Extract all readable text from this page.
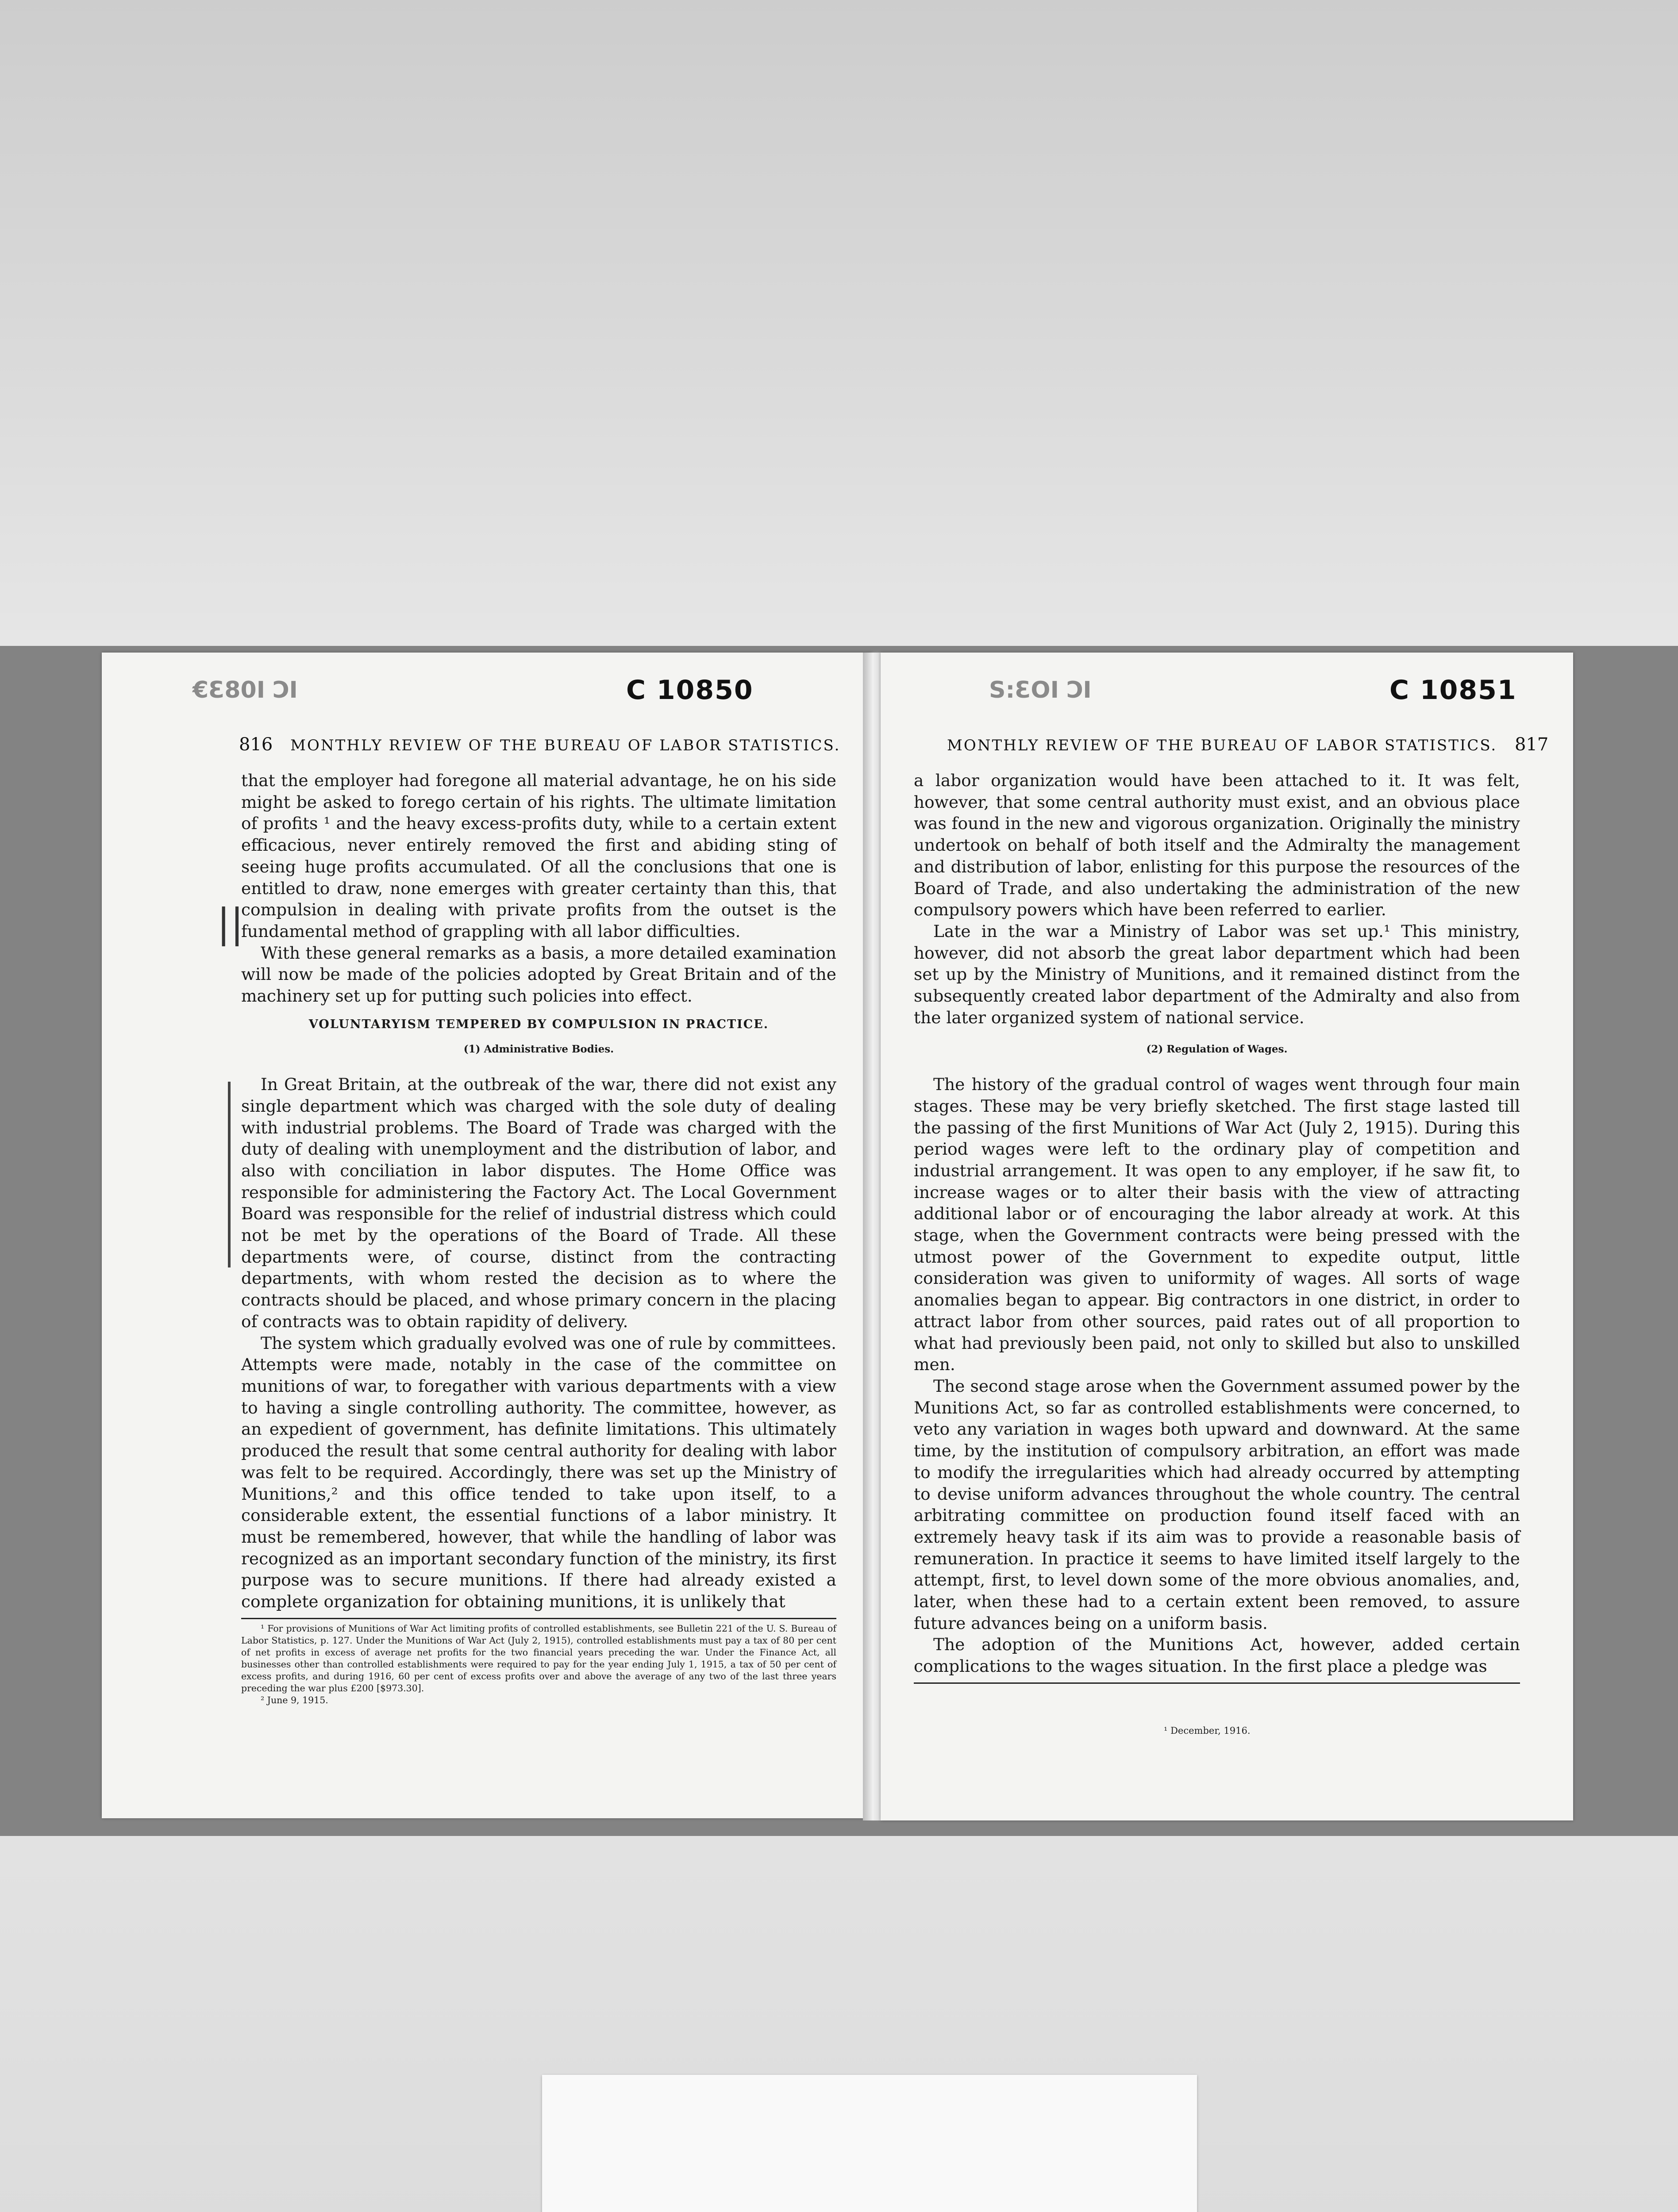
€Ɛ80I ϽI	C 10850
816 MONTHLY REVIEW OF THE BUREAU OF LABOR STATISTICS.

that the employer had foregone all material advantage, he on his side might be asked to forego certain of his rights. The ultimate limitation of profits ¹ and the heavy excess-profits duty, while to a certain extent efficacious, never entirely removed the first and abiding sting of seeing huge profits accumulated. Of all the conclusions that one is entitled to draw, none emerges with greater certainty than this, that compulsion in dealing with private profits from the outset is the fundamental method of grappling with all labor difficulties.

With these general remarks as a basis, a more detailed examination will now be made of the policies adopted by Great Britain and of the machinery set up for putting such policies into effect.

VOLUNTARYISM TEMPERED BY COMPULSION IN PRACTICE.
(1) Administrative Bodies.

In Great Britain, at the outbreak of the war, there did not exist any single department which was charged with the sole duty of dealing with industrial problems. The Board of Trade was charged with the duty of dealing with unemployment and the distribution of labor, and also with conciliation in labor disputes. The Home Office was responsible for administering the Factory Act. The Local Government Board was responsible for the relief of industrial distress which could not be met by the operations of the Board of Trade. All these departments were, of course, distinct from the contracting departments, with whom rested the decision as to where the contracts should be placed, and whose primary concern in the placing of contracts was to obtain rapidity of delivery.

The system which gradually evolved was one of rule by committees. Attempts were made, notably in the case of the committee on munitions of war, to foregather with various departments with a view to having a single controlling authority. The committee, however, as an expedient of government, has definite limitations. This ultimately produced the result that some central authority for dealing with labor was felt to be required. Accordingly, there was set up the Ministry of Munitions,² and this office tended to take upon itself, to a considerable extent, the essential functions of a labor ministry. It must be remembered, however, that while the handling of labor was recognized as an important secondary function of the ministry, its first purpose was to secure munitions. If there had already existed a complete organization for obtaining munitions, it is unlikely that

¹ For provisions of Munitions of War Act limiting profits of controlled establishments, see Bulletin 221 of the U. S. Bureau of Labor Statistics, p. 127. Under the Munitions of War Act (July 2, 1915), controlled establishments must pay a tax of 80 per cent of net profits in excess of average net profits for the two financial years preceding the war. Under the Finance Act, all businesses other than controlled establishments were required to pay for the year ending July 1, 1915, a tax of 50 per cent of excess profits, and during 1916, 60 per cent of excess profits over and above the average of any two of the last three years preceding the war plus £200 [$973.30].

² June 9, 1915.

||
S:ƐOI ϽI	C 10851
MONTHLY REVIEW OF THE BUREAU OF LABOR STATISTICS. 817

a labor organization would have been attached to it. It was felt, however, that some central authority must exist, and an obvious place was found in the new and vigorous organization. Originally the ministry undertook on behalf of both itself and the Admiralty the management and distribution of labor, enlisting for this purpose the resources of the Board of Trade, and also undertaking the administration of the new compulsory powers which have been referred to earlier.

Late in the war a Ministry of Labor was set up.¹ This ministry, however, did not absorb the great labor department which had been set up by the Ministry of Munitions, and it remained distinct from the subsequently created labor department of the Admiralty and also from the later organized system of national service.

(2) Regulation of Wages.

The history of the gradual control of wages went through four main stages. These may be very briefly sketched. The first stage lasted till the passing of the first Munitions of War Act (July 2, 1915). During this period wages were left to the ordinary play of competition and industrial arrangement. It was open to any employer, if he saw fit, to increase wages or to alter their basis with the view of attracting additional labor or of encouraging the labor already at work. At this stage, when the Government contracts were being pressed with the utmost power of the Government to expedite output, little consideration was given to uniformity of wages. All sorts of wage anomalies began to appear. Big contractors in one district, in order to attract labor from other sources, paid rates out of all proportion to what had previously been paid, not only to skilled but also to unskilled men.

The second stage arose when the Government assumed power by the Munitions Act, so far as controlled establishments were concerned, to veto any variation in wages both upward and downward. At the same time, by the institution of compulsory arbitration, an effort was made to modify the irregularities which had already occurred by attempting to devise uniform advances throughout the whole country. The central arbitrating committee on production found itself faced with an extremely heavy task if its aim was to provide a reasonable basis of remuneration. In practice it seems to have limited itself largely to the attempt, first, to level down some of the more obvious anomalies, and, later, when these had to a certain extent been removed, to assure future advances being on a uniform basis.

The adoption of the Munitions Act, however, added certain complications to the wages situation. In the first place a pledge was

¹ December, 1916.
